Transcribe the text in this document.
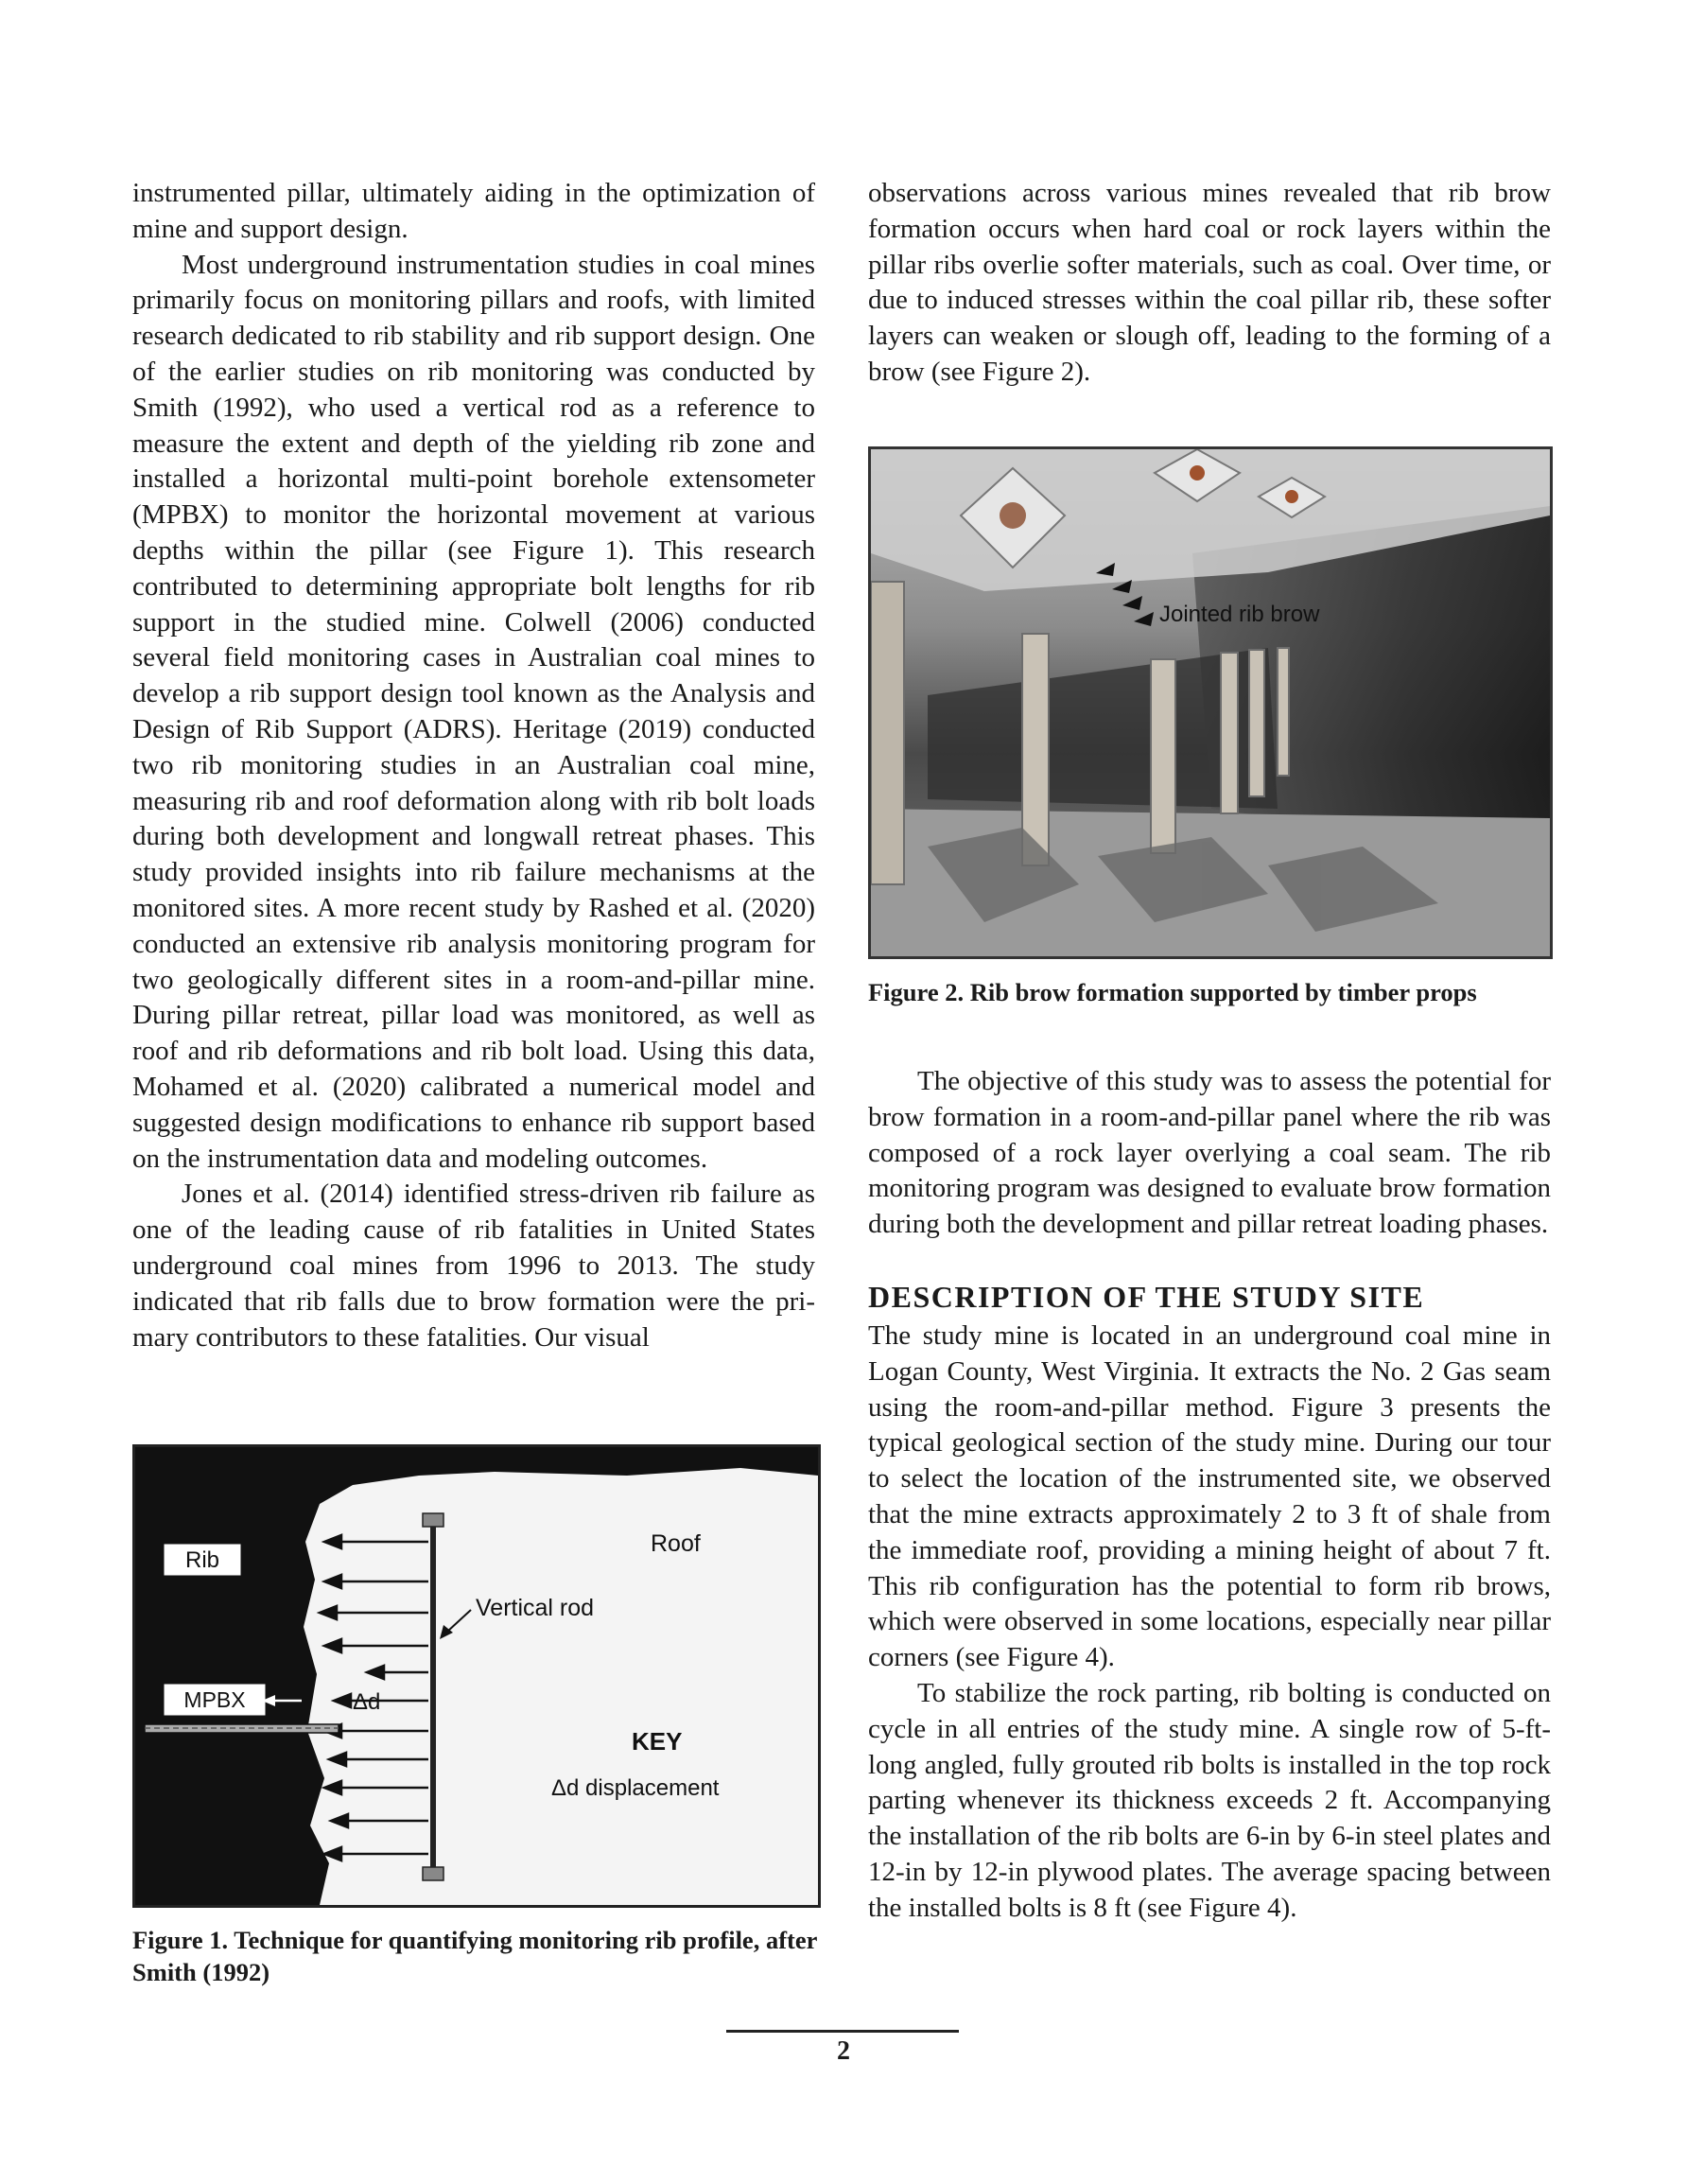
instrumented pillar, ultimately aiding in the optimization of mine and support design.

Most underground instrumentation studies in coal mines primarily focus on monitoring pillars and roofs, with limited research dedicated to rib stability and rib support design. One of the earlier studies on rib monitoring was conducted by Smith (1992), who used a vertical rod as a reference to measure the extent and depth of the yielding rib zone and installed a horizontal multi-point borehole extensometer (MPBX) to monitor the horizontal movement at various depths within the pillar (see Figure 1). This research contributed to determining appropriate bolt lengths for rib support in the studied mine. Colwell (2006) conducted several field monitoring cases in Australian coal mines to develop a rib support design tool known as the Analysis and Design of Rib Support (ADRS). Heritage (2019) conducted two rib monitoring studies in an Australian coal mine, measuring rib and roof deformation along with rib bolt loads during both development and longwall retreat phases. This study provided insights into rib failure mechanisms at the monitored sites. A more recent study by Rashed et al. (2020) conducted an extensive rib analysis monitoring program for two geologically different sites in a room-and-pillar mine. During pillar retreat, pillar load was monitored, as well as roof and rib deformations and rib bolt load. Using this data, Mohamed et al. (2020) calibrated a numerical model and suggested design modifications to enhance rib support based on the instrumentation data and modeling outcomes.

Jones et al. (2014) identified stress-driven rib failure as one of the leading cause of rib fatalities in United States underground coal mines from 1996 to 2013. The study indicated that rib falls due to brow formation were the primary contributors to these fatalities. Our visual

Rib
MPBX	Δd
Roof
Vertical rod
KEY
Δd displacement
Figure 1. Technique for quantifying monitoring rib profile, after Smith (1992)

observations across various mines revealed that rib brow formation occurs when hard coal or rock layers within the pillar ribs overlie softer materials, such as coal. Over time, or due to induced stresses within the coal pillar rib, these softer layers can weaken or slough off, leading to the forming of a brow (see Figure 2).

Jointed rib brow
Figure 2. Rib brow formation supported by timber props

The objective of this study was to assess the potential for brow formation in a room-and-pillar panel where the rib was composed of a rock layer overlying a coal seam. The rib monitoring program was designed to evaluate brow formation during both the development and pillar retreat loading phases.

DESCRIPTION OF THE STUDY SITE

The study mine is located in an underground coal mine in Logan County, West Virginia. It extracts the No. 2 Gas seam using the room-and-pillar method. Figure 3 presents the typical geological section of the study mine. During our tour to select the location of the instrumented site, we observed that the mine extracts approximately 2 to 3 ft of shale from the immediate roof, providing a mining height of about 7 ft. This rib configuration has the potential to form rib brows, which were observed in some locations, especially near pillar corners (see Figure 4).

To stabilize the rock parting, rib bolting is conducted on cycle in all entries of the study mine. A single row of 5-ft-long angled, fully grouted rib bolts is installed in the top rock parting whenever its thickness exceeds 2 ft. Accompanying the installation of the rib bolts are 6-in by 6-in steel plates and 12-in by 12-in plywood plates. The average spacing between the installed bolts is 8 ft (see Figure 4).

2
